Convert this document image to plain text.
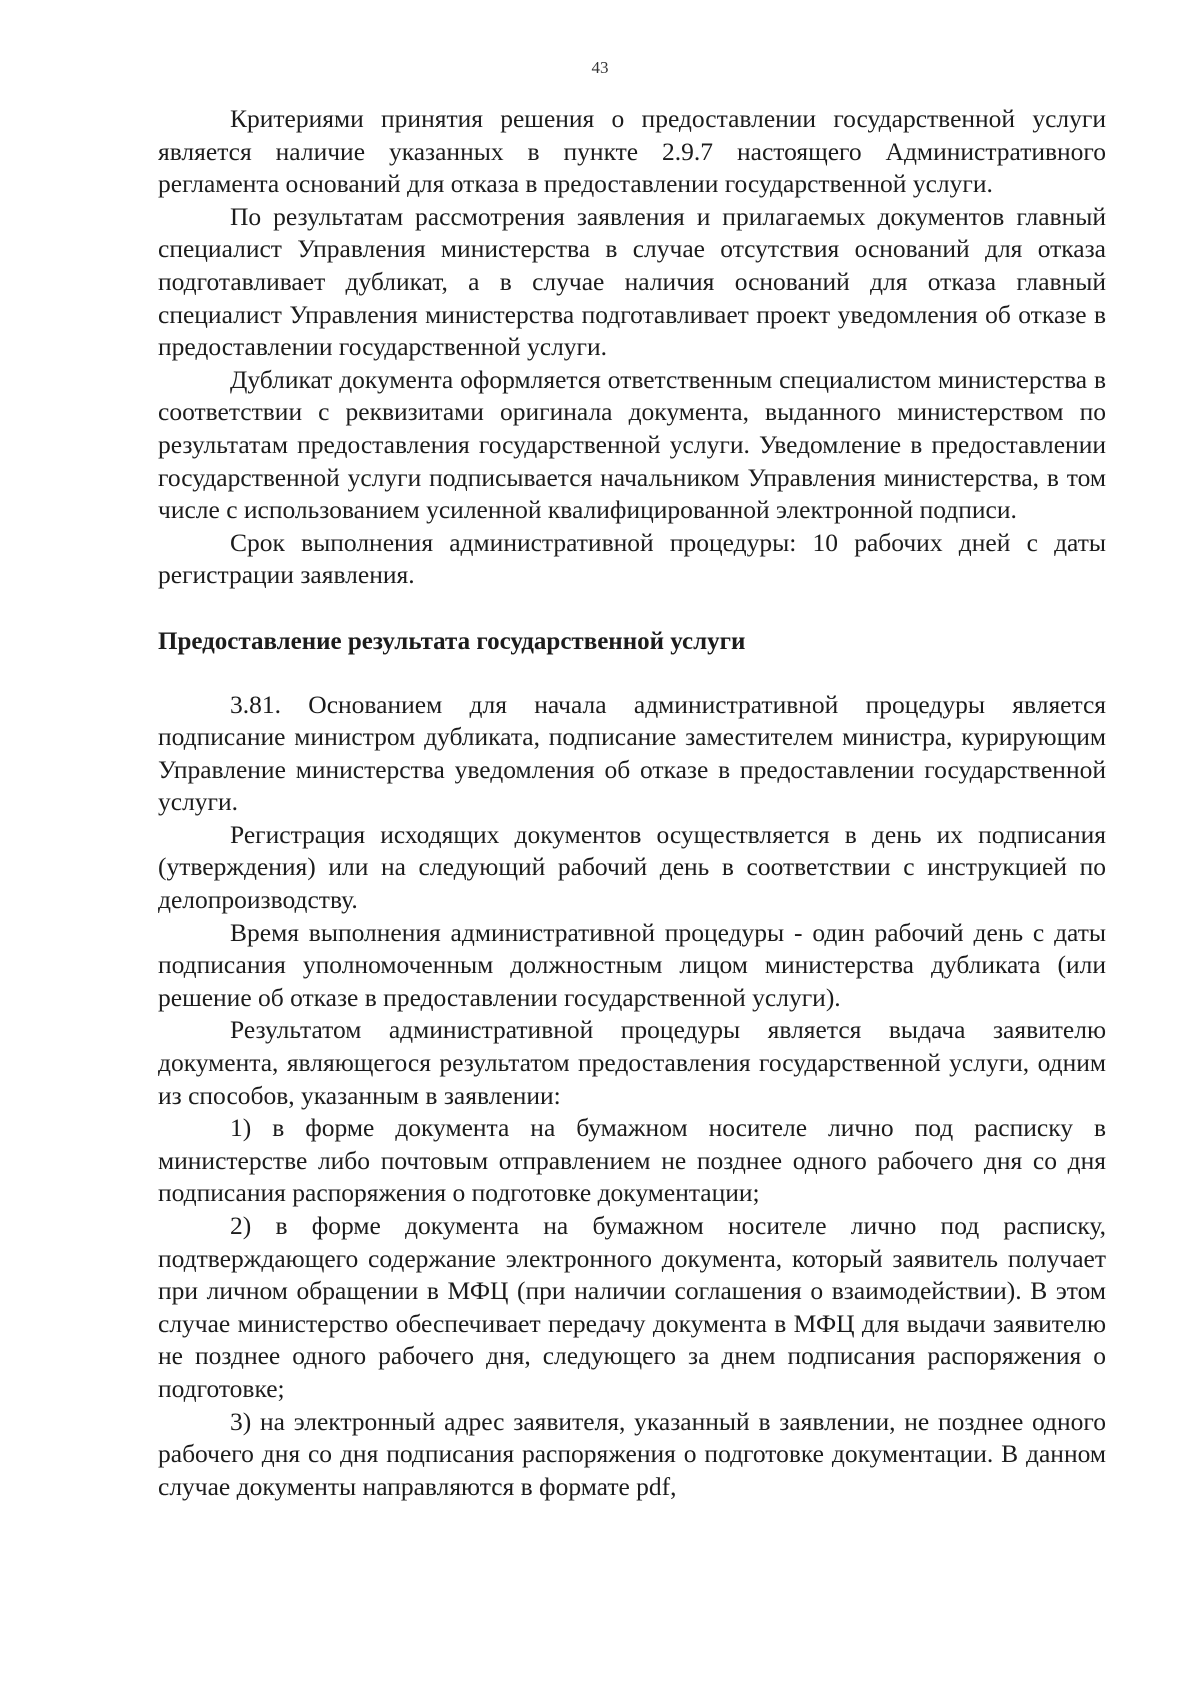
43

Критериями принятия решения о предоставлении государственной услуги является наличие указанных в пункте 2.9.7 настоящего Административного регламента оснований для отказа в предоставлении государственной услуги.

По результатам рассмотрения заявления и прилагаемых документов главный специалист Управления министерства в случае отсутствия оснований для отказа подготавливает дубликат, а в случае наличия оснований для отказа главный специалист Управления министерства подготавливает проект уведомления об отказе в предоставлении государственной услуги.

Дубликат документа оформляется ответственным специалистом министерства в соответствии с реквизитами оригинала документа, выданного министерством по результатам предоставления государственной услуги. Уведомление в предоставлении государственной услуги подписывается начальником Управления министерства, в том числе с использованием усиленной квалифицированной электронной подписи.

Срок выполнения административной процедуры: 10 рабочих дней с даты регистрации заявления.

Предоставление результата государственной услуги

3.81. Основанием для начала административной процедуры является подписание министром дубликата, подписание заместителем министра, курирующим Управление министерства уведомления об отказе в предоставлении государственной услуги.

Регистрация исходящих документов осуществляется в день их подписания (утверждения) или на следующий рабочий день в соответствии с инструкцией по делопроизводству.

Время выполнения административной процедуры - один рабочий день с даты подписания уполномоченным должностным лицом министерства дубликата (или решение об отказе в предоставлении государственной услуги).

Результатом административной процедуры является выдача заявителю документа, являющегося результатом предоставления государственной услуги, одним из способов, указанным в заявлении:

1) в форме документа на бумажном носителе лично под расписку в министерстве либо почтовым отправлением не позднее одного рабочего дня со дня подписания распоряжения о подготовке документации;

2) в форме документа на бумажном носителе лично под расписку, подтверждающего содержание электронного документа, который заявитель получает при личном обращении в МФЦ (при наличии соглашения о взаимодействии). В этом случае министерство обеспечивает передачу документа в МФЦ для выдачи заявителю не позднее одного рабочего дня, следующего за днем подписания распоряжения о подготовке;

3) на электронный адрес заявителя, указанный в заявлении, не позднее одного рабочего дня со дня подписания распоряжения о подготовке документации. В данном случае документы направляются в формате pdf,
